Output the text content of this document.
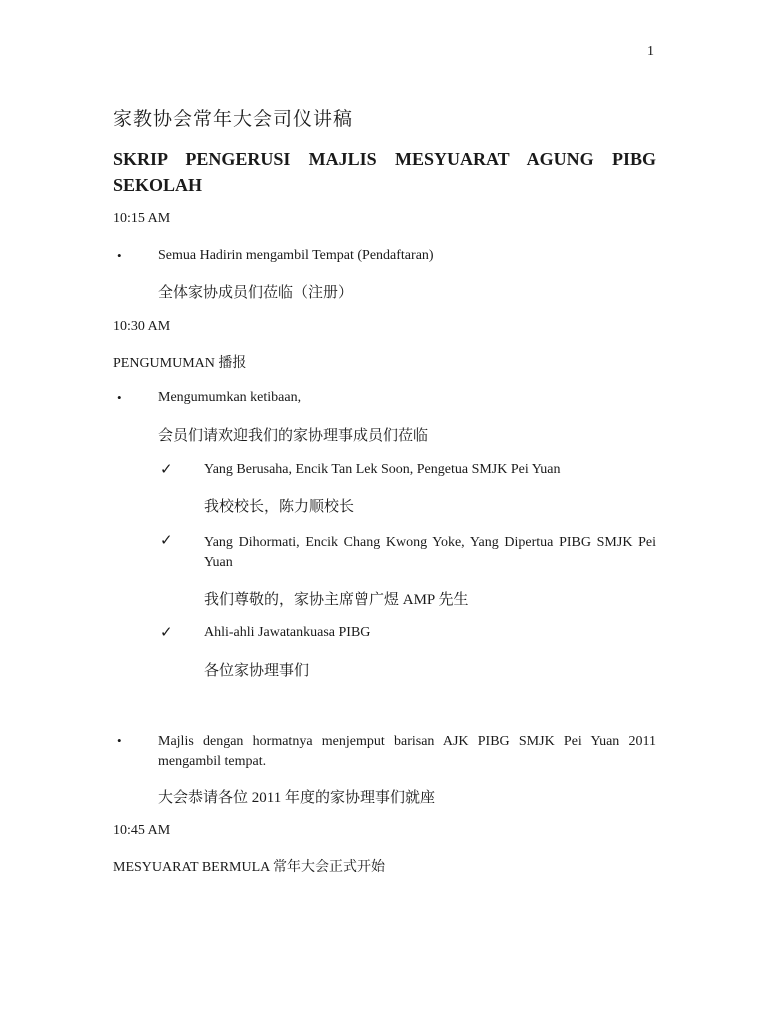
1
家教协会常年大会司仪讲稿
SKRIP PENGERUSI MAJLIS MESYUARAT AGUNG PIBG SEKOLAH
10:15 AM
•	Semua Hadirin mengambil Tempat (Pendaftaran)
全体家协成员们莅临（注册）
10:30 AM
PENGUMUMAN 播报
•	Mengumumkan ketibaan,
会员们请欢迎我们的家协理事成员们莅临
✓ Yang Berusaha, Encik Tan Lek Soon, Pengetua SMJK Pei Yuan
我校校长，陈力顺校长
✓ Yang Dihormati, Encik Chang Kwong Yoke, Yang Dipertua PIBG SMJK Pei Yuan
我们尊敬的，家协主席曾广煜 AMP 先生
✓ Ahli-ahli Jawatankuasa PIBG
各位家协理事们
•	Majlis dengan hormatnya menjemput barisan AJK PIBG SMJK Pei Yuan 2011 mengambil tempat.
大会恭请各位 2011 年度的家协理事们就座
10:45 AM
MESYUARAT BERMULA 常年大会正式开始
